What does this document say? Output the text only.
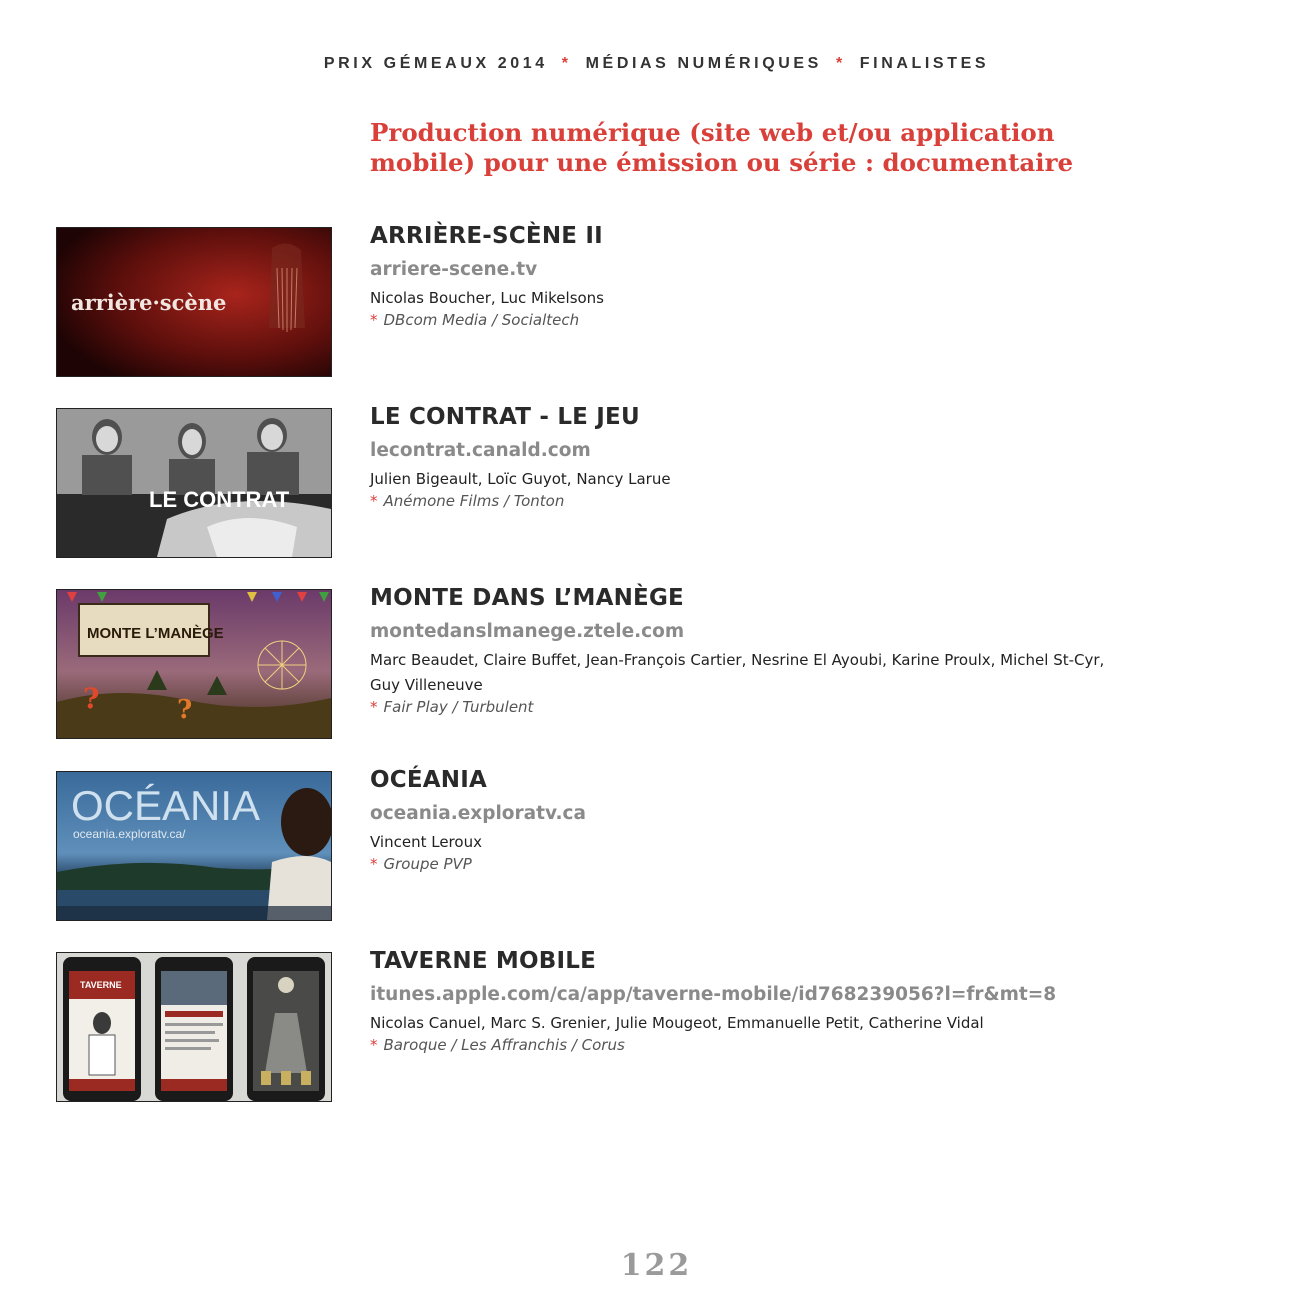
PRIX GÉMEAUX 2014 * MÉDIAS NUMÉRIQUES * FINALISTES
Production numérique (site web et/ou application
mobile) pour une émission ou série : documentaire
arrière·scène
ARRIÈRE-SCÈNE II
arriere-scene.tv
Nicolas Boucher, Luc Mikelsons
* DBcom Media / Socialtech
LE CONTRAT
LE CONTRAT - LE JEU
lecontrat.canald.com
Julien Bigeault, Loïc Guyot, Nancy Larue
* Anémone Films / Tonton
MONTE L’MANÈGE
?	?
MONTE DANS L’MANÈGE
montedanslmanege.ztele.com
Marc Beaudet, Claire Buffet, Jean-François Cartier, Nesrine El Ayoubi, Karine Proulx, Michel St-Cyr, Guy Villeneuve
* Fair Play / Turbulent
OCÉANIA
oceania.exploratv.ca/
OCÉANIA
oceania.exploratv.ca
Vincent Leroux
* Groupe PVP
TAVERNE
TAVERNE MOBILE
itunes.apple.com/ca/app/taverne-mobile/id768239056?l=fr&mt=8
Nicolas Canuel, Marc S. Grenier, Julie Mougeot, Emmanuelle Petit, Catherine Vidal
* Baroque / Les Affranchis / Corus
122
